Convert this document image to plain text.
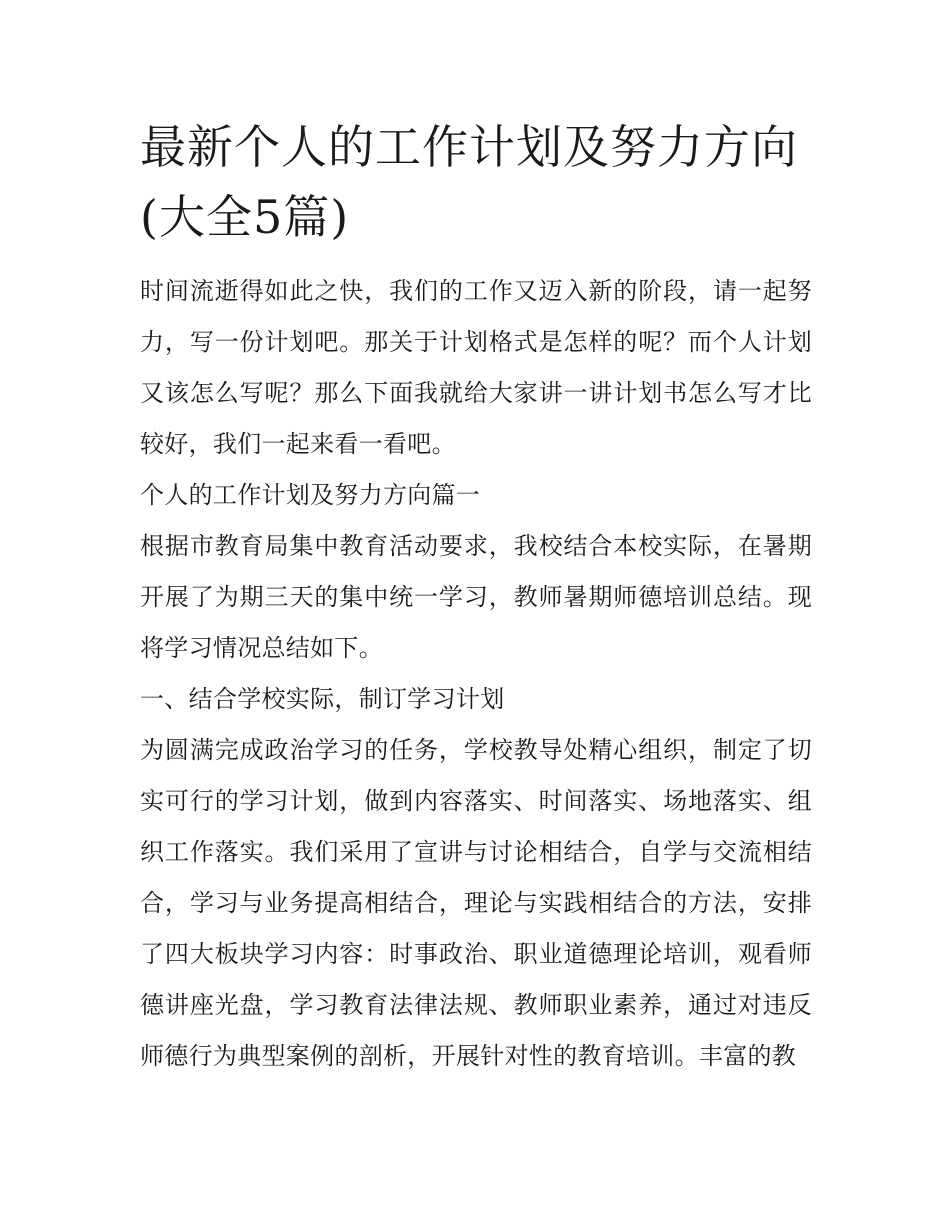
最新个人的工作计划及努力方向(大全5篇)

时间流逝得如此之快，我们的工作又迈入新的阶段，请一起努力，写一份计划吧。那关于计划格式是怎样的呢？而个人计划又该怎么写呢？那么下面我就给大家讲一讲计划书怎么写才比较好，我们一起来看一看吧。

个人的工作计划及努力方向篇一

根据市教育局集中教育活动要求，我校结合本校实际，在暑期开展了为期三天的集中统一学习，教师暑期师德培训总结。现将学习情况总结如下。

一、结合学校实际，制订学习计划

为圆满完成政治学习的任务，学校教导处精心组织，制定了切实可行的学习计划，做到内容落实、时间落实、场地落实、组织工作落实。我们采用了宣讲与讨论相结合，自学与交流相结合，学习与业务提高相结合，理论与实践相结合的方法，安排了四大板块学习内容：时事政治、职业道德理论培训，观看师德讲座光盘，学习教育法律法规、教师职业素养，通过对违反师德行为典型案例的剖析，开展针对性的教育培训。丰富的教
